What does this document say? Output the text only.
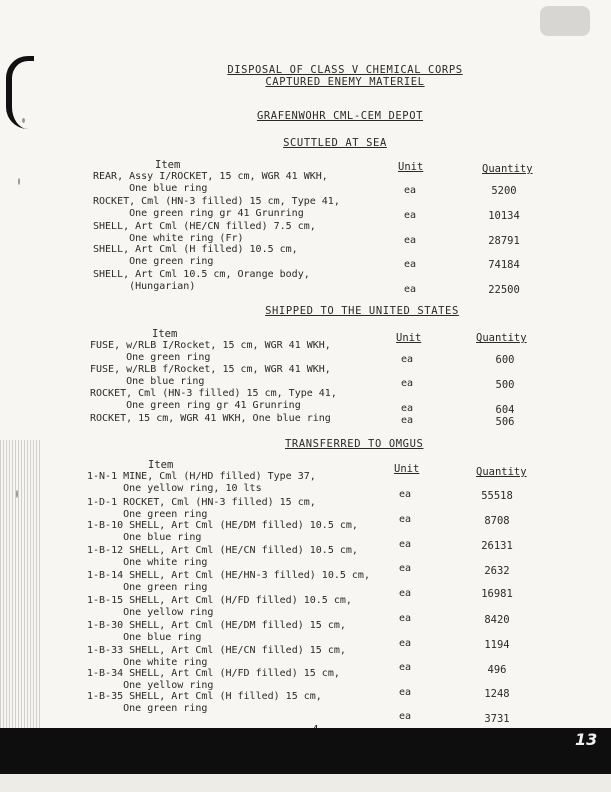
DISPOSAL OF CLASS V CHEMICAL CORPS
CAPTURED ENEMY MATERIEL
GRAFENWOHR CML-CEM DEPOT
SCUTTLED AT SEA
Item	Unit	Quantity
REAR, Assy I/ROCKET, 15 cm, WGR 41 WKH,
One blue ring	ea	5200
ROCKET, Cml (HN-3 filled) 15 cm, Type 41,
One green ring gr 41 Grunring	ea	10134
SHELL, Art Cml (HE/CN filled) 7.5 cm,
One white ring (Fr)	ea	28791
SHELL, Art Cml (H filled) 10.5 cm,
One green ring	ea	74184
SHELL, Art Cml 10.5 cm, Orange body,
(Hungarian)	ea	22500
SHIPPED TO THE UNITED STATES
Item	Unit	Quantity
FUSE, w/RLB I/Rocket, 15 cm, WGR 41 WKH,
One green ring	ea	600
FUSE, w/RLB f/Rocket, 15 cm, WGR 41 WKH,
One blue ring	ea	500
ROCKET, Cml (HN-3 filled) 15 cm, Type 41,
One green ring gr 41 Grunring	ea	604
ROCKET, 15 cm, WGR 41 WKH, One blue ring	ea	506
TRANSFERRED TO OMGUS
Item	Unit	Quantity
1-N-1 MINE, Cml (H/HD filled) Type 37,
One yellow ring, 10 lts
ea	55518
1-D-1 ROCKET, Cml (HN-3 filled) 15 cm,
One green ring	ea	8708
1-B-10 SHELL, Art Cml (HE/DM filled) 10.5 cm,
One blue ring
ea	26131
1-B-12 SHELL, Art Cml (HE/CN filled) 10.5 cm,
One white ring
ea	2632
1-B-14 SHELL, Art Cml (HE/HN-3 filled) 10.5 cm,
One green ring
ea	16981
1-B-15 SHELL, Art Cml (H/FD filled) 10.5 cm,
One yellow ring
ea	8420
1-B-30 SHELL, Art Cml (HE/DM filled) 15 cm,
One blue ring
ea	1194
1-B-33 SHELL, Art Cml (HE/CN filled) 15 cm,
One white ring	ea	496
1-B-34 SHELL, Art Cml (H/FD filled) 15 cm,
One yellow ring
ea	1248
1-B-35 SHELL, Art Cml (H filled) 15 cm,
One green ring
ea	3731
13
